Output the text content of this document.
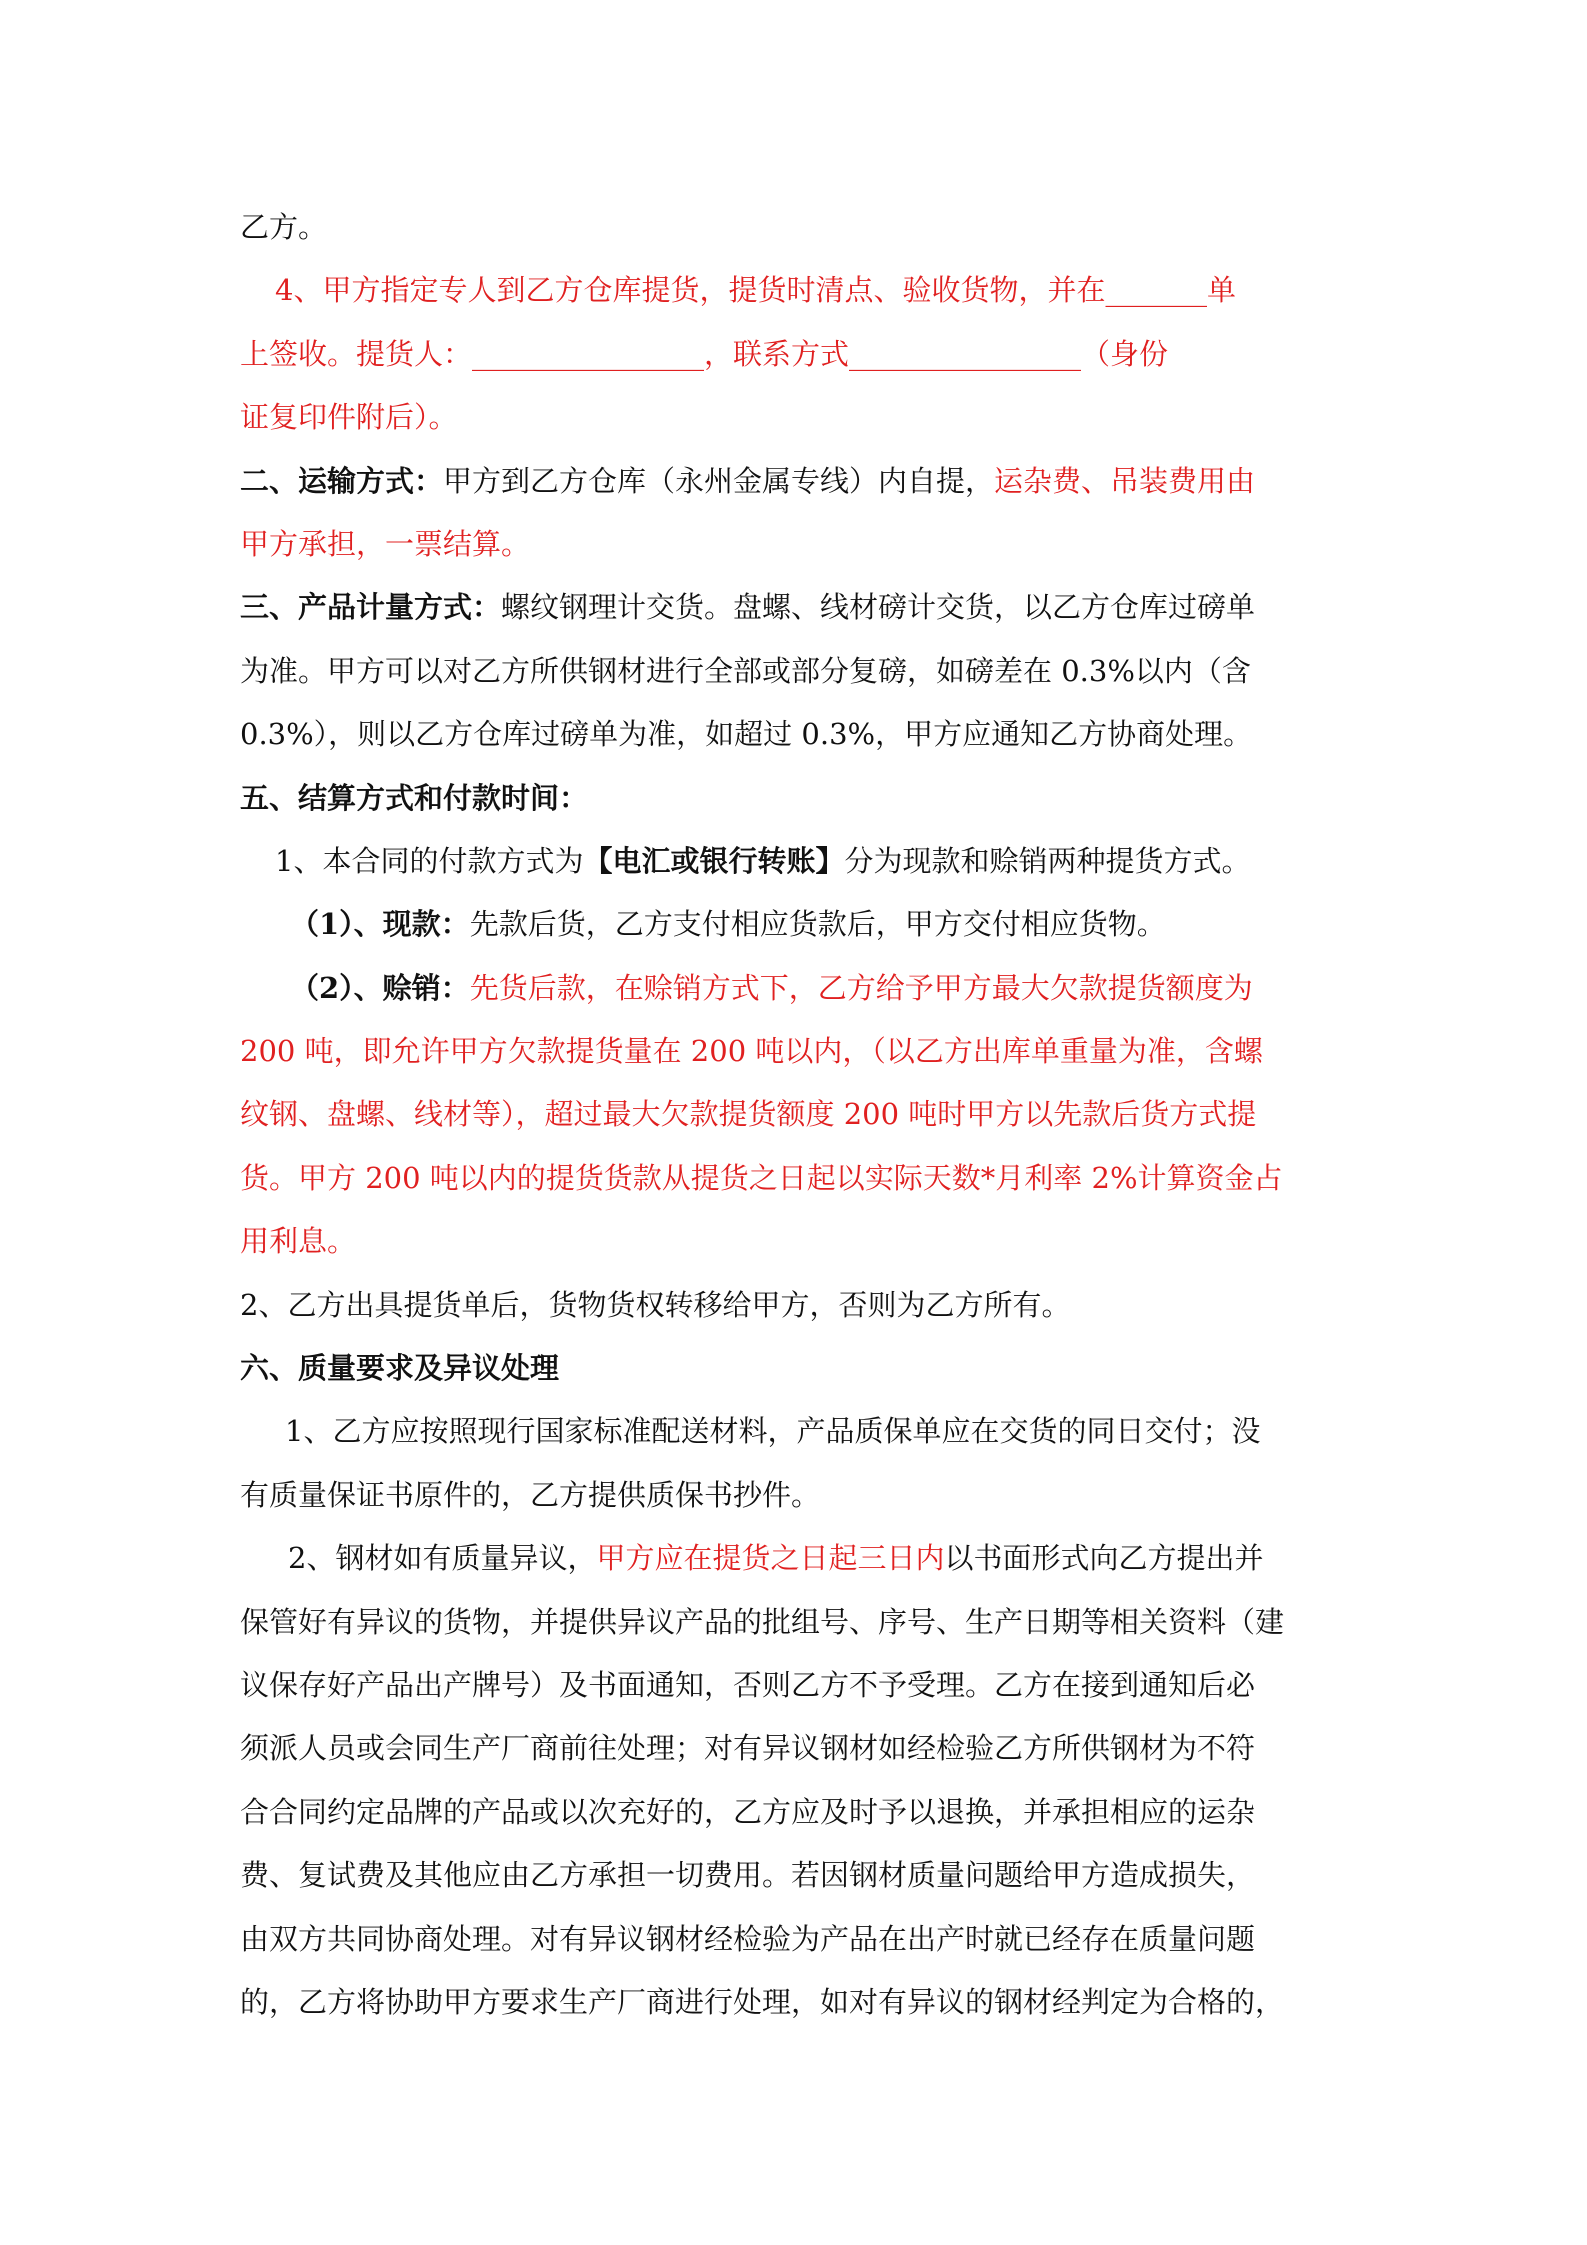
乙方。
4、甲方指定专人到乙方仓库提货，提货时清点、验收货物，并在_______单
上签收。提货人：________________，联系方式________________（身份
证复印件附后）。
二、运输方式：甲方到乙方仓库（永州金属专线）内自提，运杂费、吊装费用由
甲方承担，一票结算。
三、产品计量方式：螺纹钢理计交货。盘螺、线材磅计交货，以乙方仓库过磅单
为准。甲方可以对乙方所供钢材进行全部或部分复磅，如磅差在 0.3%以内（含
0.3%），则以乙方仓库过磅单为准，如超过 0.3%，甲方应通知乙方协商处理。
五、结算方式和付款时间：
1、本合同的付款方式为【电汇或银行转账】分为现款和赊销两种提货方式。
（1）、现款：先款后货，乙方支付相应货款后，甲方交付相应货物。
（2）、赊销：先货后款，在赊销方式下，乙方给予甲方最大欠款提货额度为
200 吨，即允许甲方欠款提货量在 200 吨以内，（以乙方出库单重量为准，含螺
纹钢、盘螺、线材等），超过最大欠款提货额度 200 吨时甲方以先款后货方式提
货。甲方 200 吨以内的提货货款从提货之日起以实际天数*月利率 2%计算资金占
用利息。
2、乙方出具提货单后，货物货权转移给甲方，否则为乙方所有。
六、质量要求及异议处理
1、乙方应按照现行国家标准配送材料，产品质保单应在交货的同日交付；没
有质量保证书原件的，乙方提供质保书抄件。
2、钢材如有质量异议，甲方应在提货之日起三日内以书面形式向乙方提出并
保管好有异议的货物，并提供异议产品的批组号、序号、生产日期等相关资料（建
议保存好产品出产牌号）及书面通知，否则乙方不予受理。乙方在接到通知后必
须派人员或会同生产厂商前往处理；对有异议钢材如经检验乙方所供钢材为不符
合合同约定品牌的产品或以次充好的，乙方应及时予以退换，并承担相应的运杂
费、复试费及其他应由乙方承担一切费用。若因钢材质量问题给甲方造成损失，
由双方共同协商处理。对有异议钢材经检验为产品在出产时就已经存在质量问题
的，乙方将协助甲方要求生产厂商进行处理，如对有异议的钢材经判定为合格的，
